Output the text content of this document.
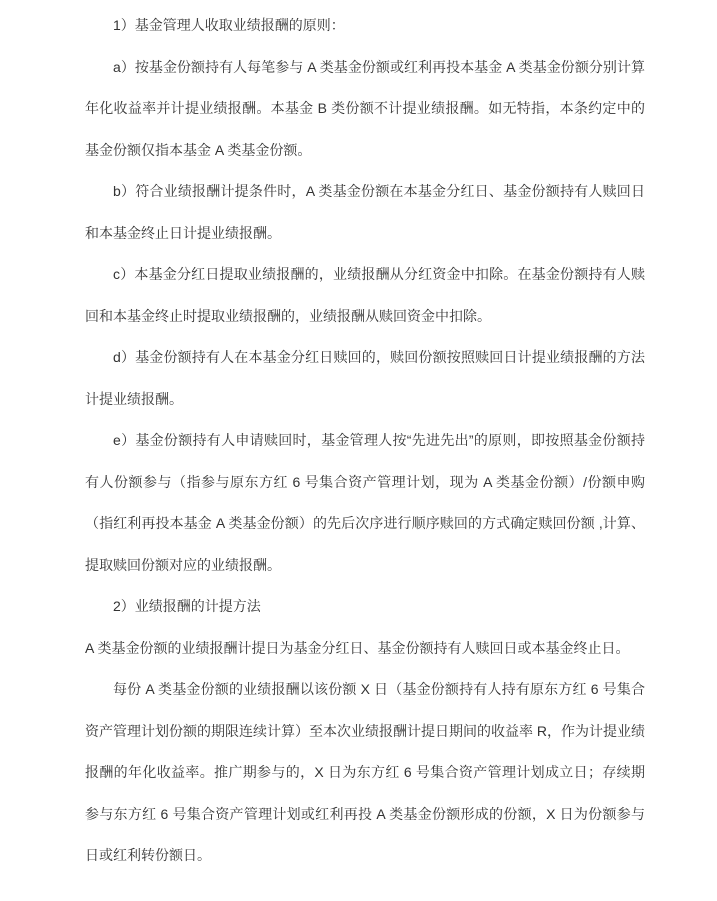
1）基金管理人收取业绩报酬的原则：

a）按基金份额持有人每笔参与 A 类基金份额或红利再投本基金 A 类基金份额分别计算年化收益率并计提业绩报酬。本基金 B 类份额不计提业绩报酬。如无特指，本条约定中的基金份额仅指本基金 A 类基金份额。

b）符合业绩报酬计提条件时，A 类基金份额在本基金分红日、基金份额持有人赎回日和本基金终止日计提业绩报酬。

c）本基金分红日提取业绩报酬的，业绩报酬从分红资金中扣除。在基金份额持有人赎回和本基金终止时提取业绩报酬的，业绩报酬从赎回资金中扣除。

d）基金份额持有人在本基金分红日赎回的，赎回份额按照赎回日计提业绩报酬的方法计提业绩报酬。

e）基金份额持有人申请赎回时，基金管理人按“先进先出”的原则，即按照基金份额持有人份额参与（指参与原东方红 6 号集合资产管理计划，现为 A 类基金份额）/份额申购（指红利再投本基金 A 类基金份额）的先后次序进行顺序赎回的方式确定赎回份额 ,计算、提取赎回份额对应的业绩报酬。

2）业绩报酬的计提方法

A 类基金份额的业绩报酬计提日为基金分红日、基金份额持有人赎回日或本基金终止日。

每份 A 类基金份额的业绩报酬以该份额 X 日（基金份额持有人持有原东方红 6 号集合资产管理计划份额的期限连续计算）至本次业绩报酬计提日期间的收益率 R，作为计提业绩报酬的年化收益率。推广期参与的，X 日为东方红 6 号集合资产管理计划成立日；存续期参与东方红 6 号集合资产管理计划或红利再投 A 类基金份额形成的份额，X 日为份额参与日或红利转份额日。
